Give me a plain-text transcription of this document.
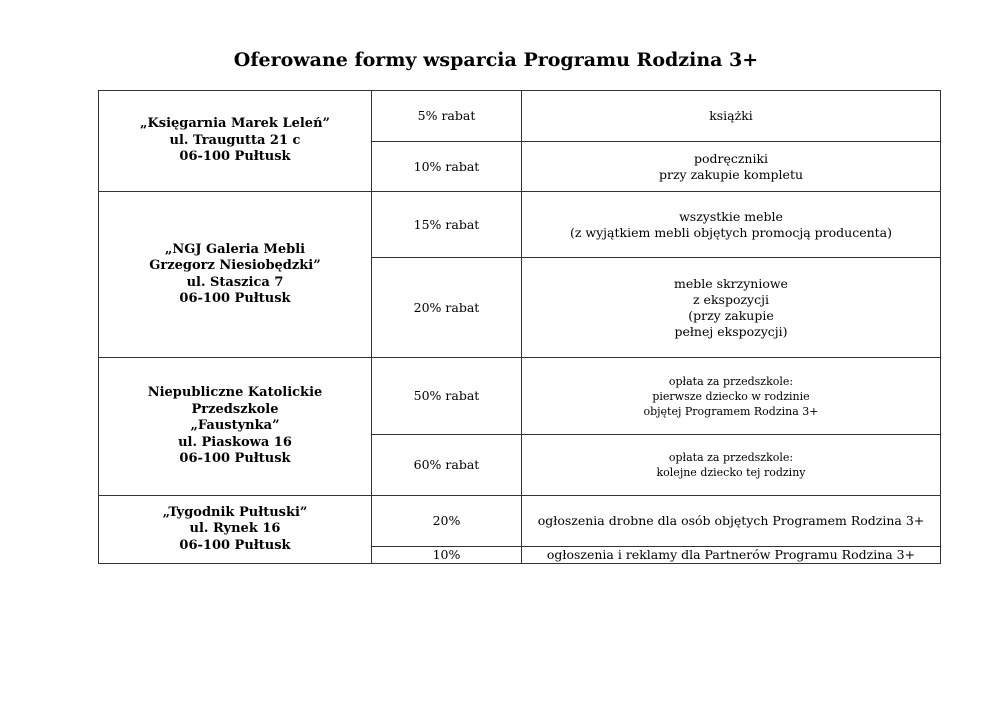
Oferowane formy wsparcia Programu Rodzina 3+
„Księgarnia Marek Leleń”
ul. Traugutta 21 c
06-100 Pułtusk	5% rabat	książki

	10% rabat	podręczniki
przy zakupie kompletu

„NGJ Galeria Mebli
Grzegorz Niesiobędzki”
ul. Staszica 7
06-100 Pułtusk	15% rabat	wszystkie meble
(z wyjątkiem mebli objętych promocją producenta)

	20% rabat	meble skrzyniowe
z ekspozycji
(przy zakupie
pełnej ekspozycji)

Niepubliczne Katolickie Przedszkole
„Faustynka”
ul. Piaskowa 16
06-100 Pułtusk	50% rabat	opłata za przedszkole:
pierwsze dziecko w rodzinie
objętej Programem Rodzina 3+

	60% rabat	opłata za przedszkole:
kolejne dziecko tej rodziny

„Tygodnik Pułtuski”
ul. Rynek 16
06-100 Pułtusk	20%	ogłoszenia drobne dla osób objętych Programem Rodzina 3+

	10%	ogłoszenia i reklamy dla Partnerów Programu Rodzina 3+
